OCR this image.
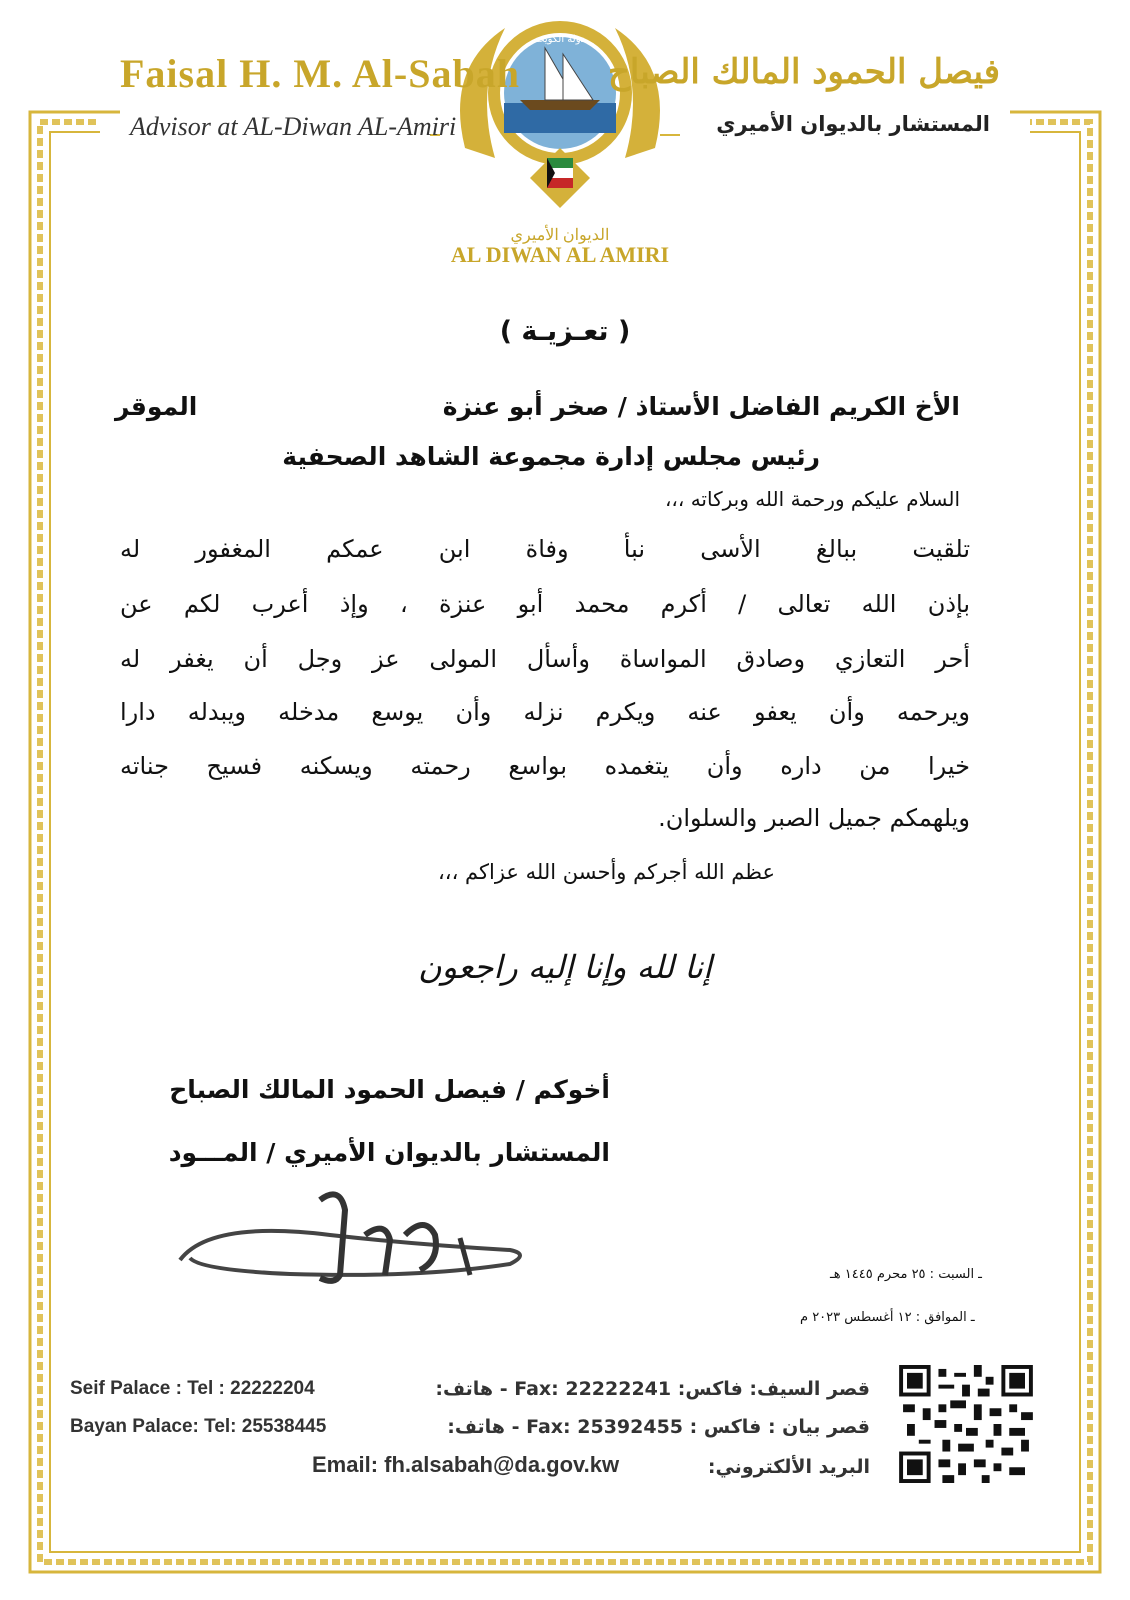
الديوان الأميري
AL DIWAN AL AMIRI
دولة الكويت
Faisal H. M. Al-Sabah
Advisor at AL-Diwan AL-Amiri
فيصل الحمود المالك الصباح
المستشار بالديوان الأميري
( تعـزيـة )
الأخ الكريم الفاضل الأستاذ / صخر أبو عنزة
الموقر
رئيس مجلس إدارة مجموعة الشاهد الصحفية
السلام عليكم ورحمة الله وبركاته ،،،
تلقيت ببالغ الأسى نبأ وفاة ابن عمكم المغفور له
بإذن الله تعالى / أكرم محمد أبو عنزة ، وإذ أعرب لكم عن
أحر التعازي وصادق المواساة وأسأل المولى عز وجل أن يغفر له
ويرحمه وأن يعفو عنه ويكرم نزله وأن يوسع مدخله ويبدله دارا
خيرا من داره وأن يتغمده بواسع رحمته ويسكنه فسيح جناته
ويلهمكم جميل الصبر والسلوان.
عظم الله أجركم وأحسن الله عزاكم ،،،
إنا لله وإنا إليه راجعون
أخوكم / فيصل الحمود المالك الصباح
المستشار بالديوان الأميري / المـــود
ـ السبت : ٢٥ محرم ١٤٤٥ هـ
ـ الموافق : ١٢ أغسطس ٢٠٢٣ م
Seif Palace : Tel : 22222204	قصر السيف: فاكس: Fax: 22222241 - هاتف:
Bayan Palace: Tel: 25538445	قصر بيان : فاكس : Fax: 25392455 - هاتف:
Email: fh.alsabah@da.gov.kw	البريد الألكتروني:
